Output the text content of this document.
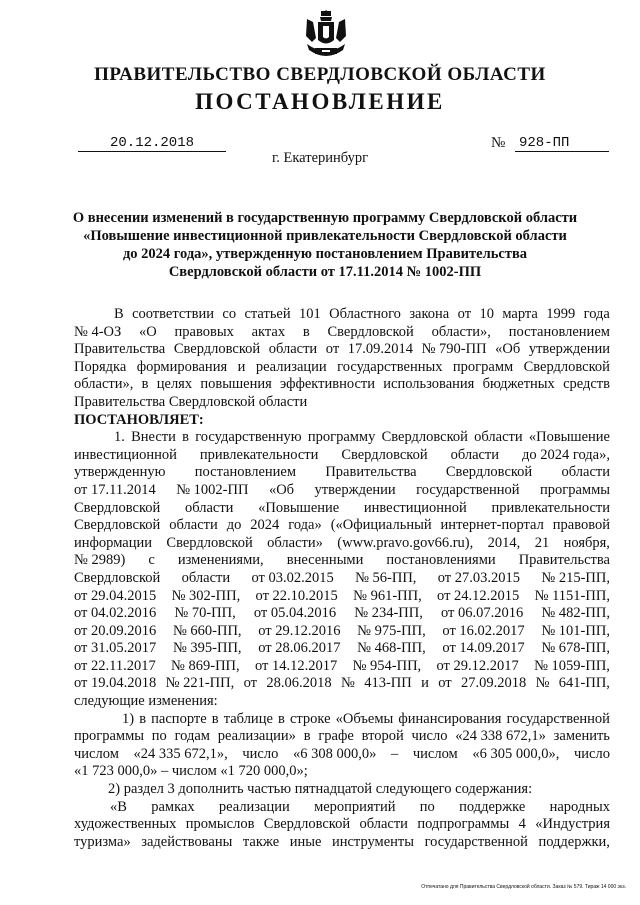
ПРАВИТЕЛЬСТВО СВЕРДЛОВСКОЙ ОБЛАСТИ
ПОСТАНОВЛЕНИЕ
20.12.2018	№ 928-ПП
г. Екатеринбург
О внесении изменений в государственную программу Свердловской области
«Повышение инвестиционной привлекательности Свердловской области
до 2024 года», утвержденную постановлением Правительства
Свердловской области от 17.11.2014 № 1002-ПП
В соответствии со статьей 101 Областного закона от 10 марта 1999 года
№ 4-ОЗ «О правовых актах в Свердловской области», постановлением
Правительства Свердловской области от 17.09.2014 № 790-ПП «Об утверждении
Порядка формирования и реализации государственных программ Свердловской
области», в целях повышения эффективности использования бюджетных средств
Правительства Свердловской области
ПОСТАНОВЛЯЕТ:
1. Внести в государственную программу Свердловской области «Повышение
инвестиционной привлекательности Свердловской области до 2024 года»,
утвержденную постановлением Правительства Свердловской области
от 17.11.2014 № 1002-ПП «Об утверждении государственной программы
Свердловской области «Повышение инвестиционной привлекательности
Свердловской области до 2024 года» («Официальный интернет-портал правовой
информации Свердловской области» (www.pravo.gov66.ru), 2014, 21 ноября,
№ 2989) с изменениями, внесенными постановлениями Правительства
Свердловской области от 03.02.2015 № 56-ПП, от 27.03.2015 № 215-ПП,
от 29.04.2015 № 302-ПП, от 22.10.2015 № 961-ПП, от 24.12.2015 № 1151-ПП,
от 04.02.2016 № 70-ПП, от 05.04.2016 № 234-ПП, от 06.07.2016 № 482-ПП,
от 20.09.2016 № 660-ПП, от 29.12.2016 № 975-ПП, от 16.02.2017 № 101-ПП,
от 31.05.2017 № 395-ПП, от 28.06.2017 № 468-ПП, от 14.09.2017 № 678-ПП,
от 22.11.2017 № 869-ПП, от 14.12.2017 № 954-ПП, от 29.12.2017 № 1059-ПП,
от 19.04.2018 № 221-ПП, от 28.06.2018 № 413-ПП и от 27.09.2018 № 641-ПП,
следующие изменения:
1) в паспорте в таблице в строке «Объемы финансирования государственной
программы по годам реализации» в графе второй число «24 338 672,1» заменить
числом «24 335 672,1», число «6 308 000,0» – числом «6 305 000,0», число
«1 723 000,0» – числом «1 720 000,0»;
2) раздел 3 дополнить частью пятнадцатой следующего содержания:
«В рамках реализации мероприятий по поддержке народных
художественных промыслов Свердловской области подпрограммы 4 «Индустрия
туризма» задействованы также иные инструменты государственной поддержки,
Отпечатано для Правительства Свердловской области. Заказ № 579. Тираж 14 000 экз.
